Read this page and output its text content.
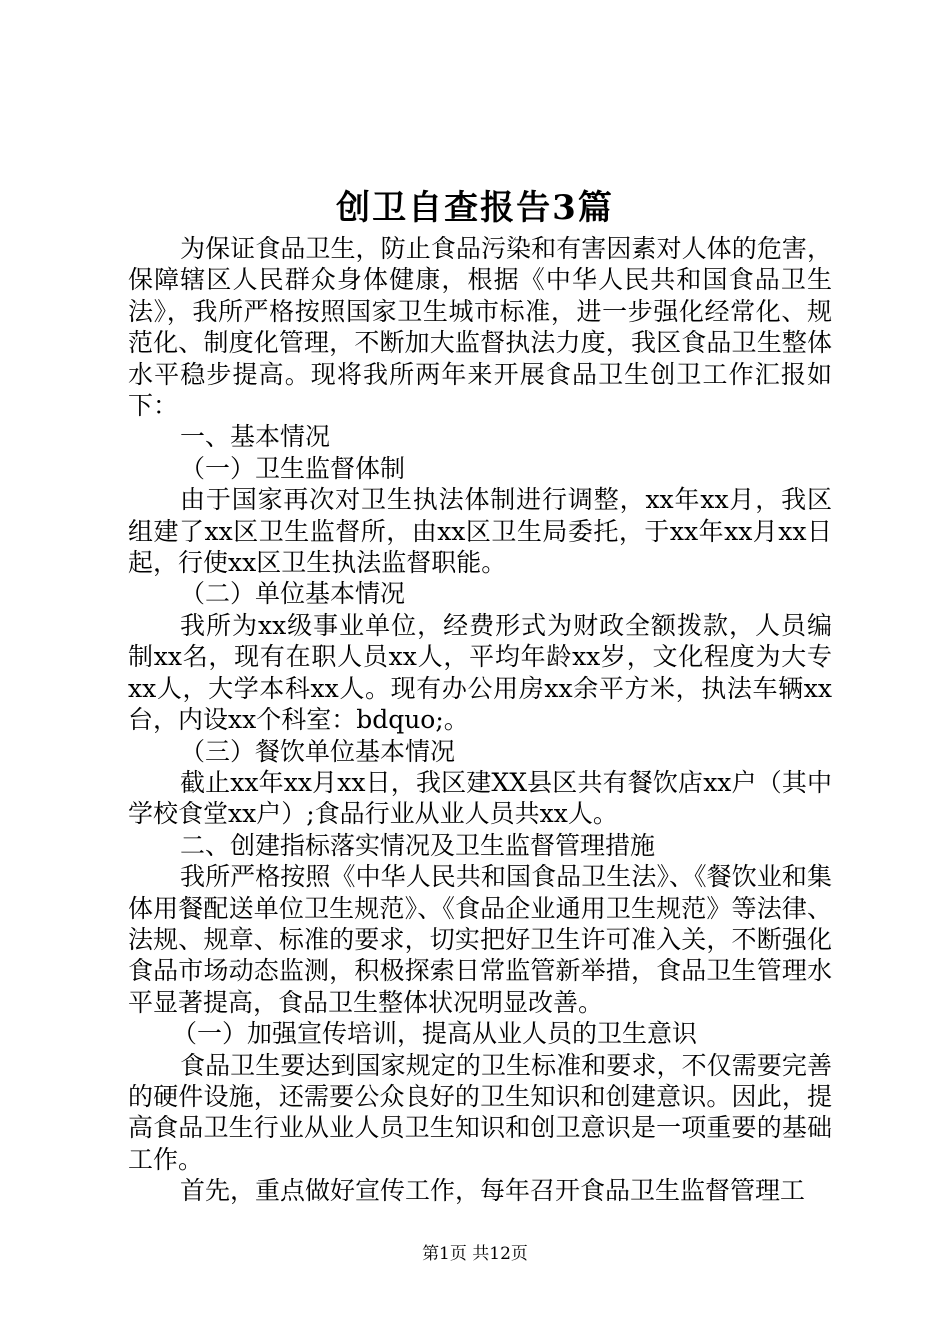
创卫自查报告3篇

为保证食品卫生，防止食品污染和有害因素对人体的危害，保障辖区人民群众身体健康，根据《中华人民共和国食品卫生法》，我所严格按照国家卫生城市标准，进一步强化经常化、规范化、制度化管理，不断加大监督执法力度，我区食品卫生整体水平稳步提高。现将我所两年来开展食品卫生创卫工作汇报如下：

一、基本情况

（一）卫生监督体制

由于国家再次对卫生执法体制进行调整，xx年xx月，我区组建了xx区卫生监督所，由xx区卫生局委托，于xx年xx月xx日起，行使xx区卫生执法监督职能。

（二）单位基本情况

我所为xx级事业单位，经费形式为财政全额拨款，人员编制xx名，现有在职人员xx人，平均年龄xx岁，文化程度为大专xx人，大学本科xx人。现有办公用房xx余平方米，执法车辆xx台，内设xx个科室：bdquo;。

（三）餐饮单位基本情况

截止xx年xx月xx日，我区建XX县区共有餐饮店xx户（其中学校食堂xx户）;食品行业从业人员共xx人。

二、创建指标落实情况及卫生监督管理措施

我所严格按照《中华人民共和国食品卫生法》、《餐饮业和集体用餐配送单位卫生规范》、《食品企业通用卫生规范》等法律、法规、规章、标准的要求，切实把好卫生许可准入关，不断强化食品市场动态监测，积极探索日常监管新举措，食品卫生管理水平显著提高，食品卫生整体状况明显改善。

（一）加强宣传培训，提高从业人员的卫生意识

食品卫生要达到国家规定的卫生标准和要求，不仅需要完善的硬件设施，还需要公众良好的卫生知识和创建意识。因此，提高食品卫生行业从业人员卫生知识和创卫意识是一项重要的基础工作。

首先，重点做好宣传工作，每年召开食品卫生监督管理工

第1页 共12页
